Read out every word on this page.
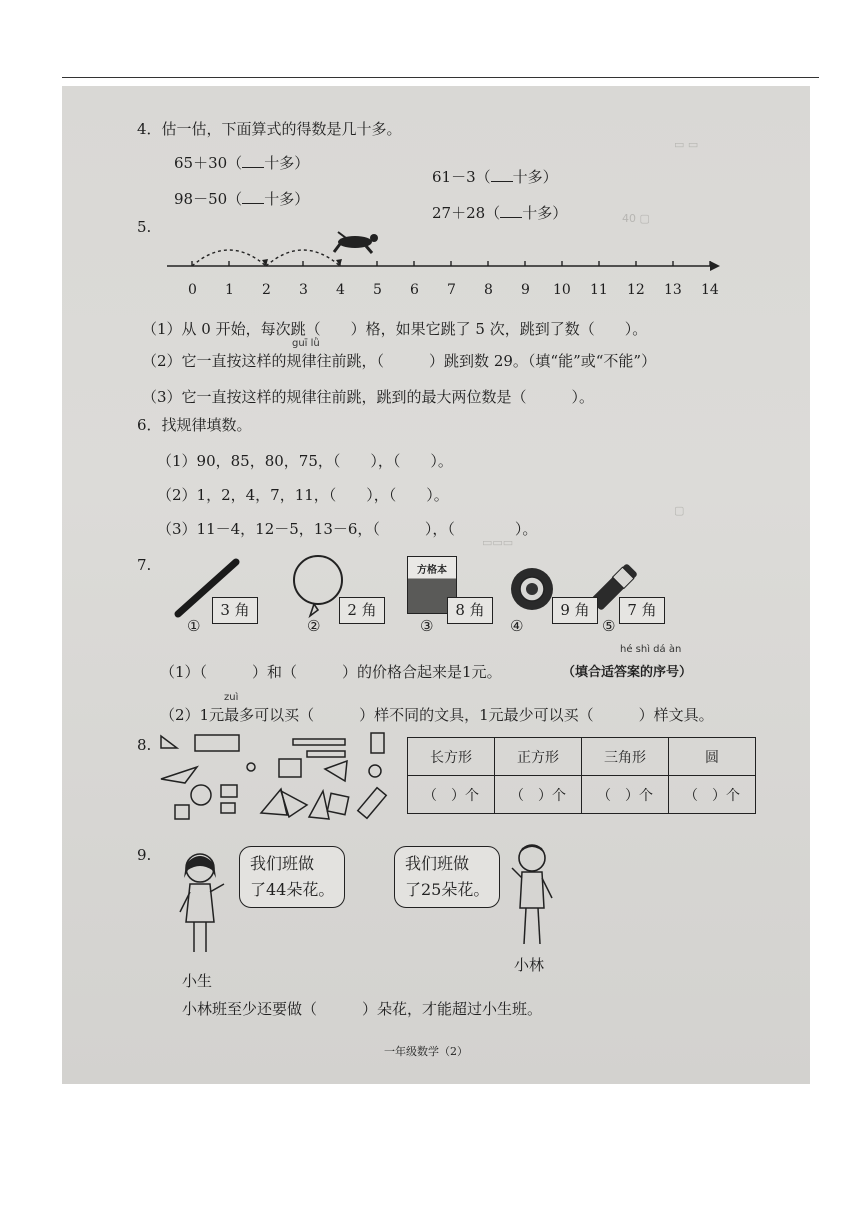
▭ ▭
40 ▢
▢
▭▭▭
4．估一估，下面算式的得数是几十多。
65＋30（ 十多）
98－50（ 十多）
61－3（ 十多）
27＋28（ 十多）
5.
0 1 2 3 4 5 6 7 8 9 10 11 12 13 14
（1）从 0 开始，每次跳（　　）格，如果它跳了 5 次，跳到了数（　　）。
guī lǜ
（2）它一直按这样的规律往前跳，（　　　）跳到数 29。（填“能”或“不能”）
（3）它一直按这样的规律往前跳，跳到的最大两位数是（　　　）。
6．找规律填数。
（1）90，85，80，75，（　　），（　　）。
（2）1，2，4，7，11，（　　），（　　）。
（3）11－4，12－5，13－6，（　　　），（　　　　）。
7.	方格本
3 角	2 角	8 角	9 角	7 角
①	②	③	④	⑤
hé shì dá àn
（1）（　　　）和（　　　）的价格合起来是1元。	（填合适答案的序号）
zuì
（2）1元最多可以买（　　　）样不同的文具，1元最少可以买（　　　）样文具。
8.
长方形	正方形	三角形	圆
（　）个	（　）个	（　）个	（　）个
9.	我们班做
了44朵花。
我们班做
了25朵花。
小生
小林
小林班至少还要做（　　　）朵花，才能超过小生班。
一年级数学（2）
